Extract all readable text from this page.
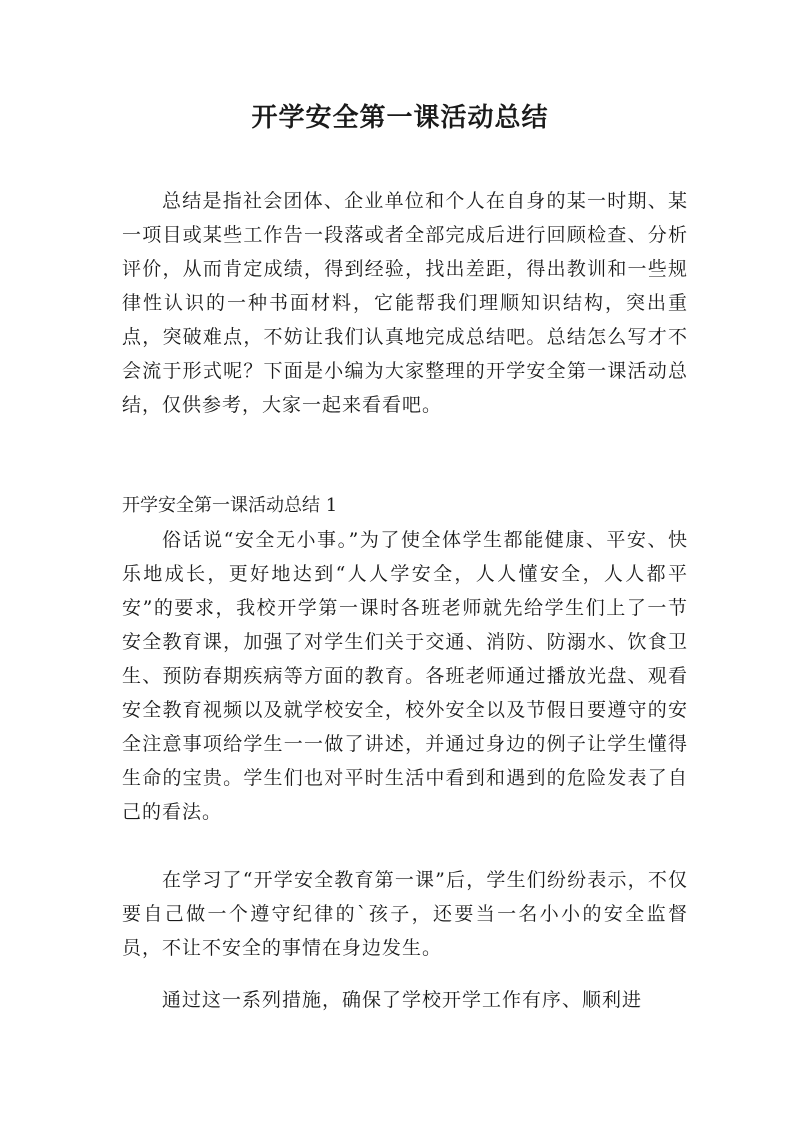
开学安全第一课活动总结

总结是指社会团体、企业单位和个人在自身的某一时期、某一项目或某些工作告一段落或者全部完成后进行回顾检查、分析评价，从而肯定成绩，得到经验，找出差距，得出教训和一些规律性认识的一种书面材料，它能帮我们理顺知识结构，突出重点，突破难点，不妨让我们认真地完成总结吧。总结怎么写才不会流于形式呢？下面是小编为大家整理的开学安全第一课活动总结，仅供参考，大家一起来看看吧。

开学安全第一课活动总结 1

俗话说“安全无小事。”为了使全体学生都能健康、平安、快乐地成长，更好地达到“人人学安全，人人懂安全，人人都平安”的要求，我校开学第一课时各班老师就先给学生们上了一节安全教育课，加强了对学生们关于交通、消防、防溺水、饮食卫生、预防春期疾病等方面的教育。各班老师通过播放光盘、观看安全教育视频以及就学校安全，校外安全以及节假日要遵守的安全注意事项给学生一一做了讲述，并通过身边的例子让学生懂得生命的宝贵。学生们也对平时生活中看到和遇到的危险发表了自己的看法。

在学习了“开学安全教育第一课”后，学生们纷纷表示，不仅要自己做一个遵守纪律的`孩子，还要当一名小小的安全监督员，不让不安全的事情在身边发生。

通过这一系列措施，确保了学校开学工作有序、顺利进
